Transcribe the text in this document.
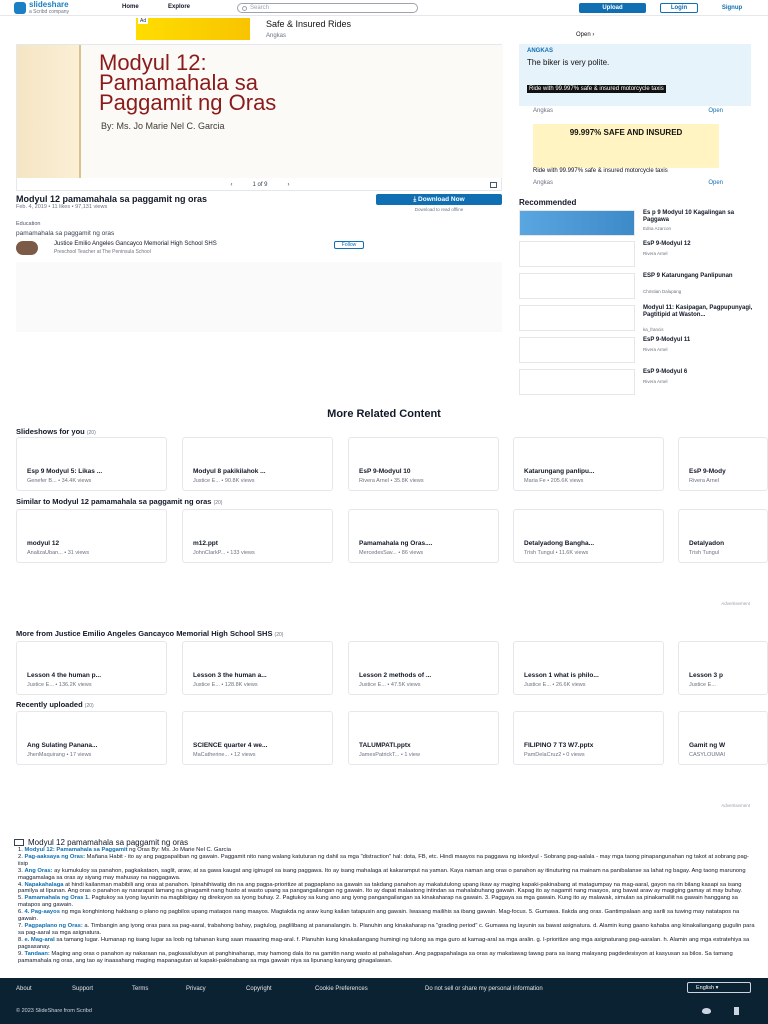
slideshare
a Scribd company
Home	Explore	Search	Upload	Login	Signup
Ad	Safe & Insured Rides
Angkas	Open ›
Modyul 12:
Pamamahala sa
Paggamit ng Oras
By: Ms. Jo Marie Nel C. Garcia
‹	1 of 9	›
Modyul 12 pamamahala sa paggamit ng oras
Feb. 4, 2019 • 11 likes • 97,131 views
⤓ Download Now
Download to read offline
Education
pamamahala sa paggamit ng oras
Justice Emilio Angeles Gancayco Memorial High School SHS
Preschool Teacher at The Peninsula School
Follow
ANGKAS
The biker is very polite.
Ride with 99.997% safe & insured motorcycle taxis
Angkas	Open
99.997% SAFE AND INSURED
Ride with 99.997% safe & insured motorcycle taxis
Angkas	Open
Recommended
Es p 9 Modyul 10 Kagalingan sa Paggawa
Edna Azarcon
EsP 9-Modyul 12
Rivera Arnel
ESP 9 Katarungang Panlipunan
Christian Dalupang
Modyul 11: Kasipagan, Pagpupunyagi, Pagtitipid at Waston...
ka_francis
EsP 9-Modyul 11
Rivera Arnel
EsP 9-Modyul 6
Rivera Arnel
More Related Content
Slideshows for you (20)
Esp 9 Modyul 5: Likas ...
Genefer B... • 34.4K views
Modyul 8 pakikilahok ...
Justice E... • 90.8K views
EsP 9-Modyul 10
Rivera Arnel • 35.8K views
Katarungang panlipu...
Maria Fe • 205.6K views
EsP 9-Mody
Rivera Arnel
Similar to Modyul 12 pamamahala sa paggamit ng oras (20)
modyul 12
AnalizaUban... • 31 views
m12.ppt
JohnClarkP... • 133 views
Pamamahala ng Oras....
MercedesSav... • 86 views
Detalyadong Bangha...
Trish Tungul • 11.6K views
Detalyadon
Trish Tungul
More from Justice Emilio Angeles Gancayco Memorial High School SHS (20)
Lesson 4 the human p...
Justice E... • 136.2K views
Lesson 3 the human a...
Justice E... • 128.8K views
Lesson 2 methods of ...
Justice E... • 47.5K views
Lesson 1 what is philo...
Justice E... • 26.6K views
Lesson 3 p
Justice E...
Recently uploaded (20)
Ang Sulating Panana...
JhenMaquirang • 17 views
SCIENCE quarter 4 we...
MaCatherine... • 12 views
TALUMPATI.pptx
JamesPatrickT... • 1 view
FILIPINO 7 T3 W7.pptx
PamDelaCruz2 • 0 views
Gamit ng W
CASYLOUMAI
Advertisement
Advertisement
Modyul 12 pamamahala sa paggamit ng oras
1. Modyul 12: Pamamahala sa Paggamit ng Oras By: Ms. Jo Marie Nel C. Garcia
2. Pag-aaksaya ng Oras: Mañana Habit - ito ay ang pagpapaliban ng gawain. Paggamit nito nang walang katuturan ng dahil sa mga "distraction" hal: dota, FB, etc. Hindi maayos na paggawa ng iskedyul - Sobrang pag-aalala - may mga taong pinapangunahan ng takot at sobrang pag-iisip
3. Ang Oras: ay kumukuloy sa panahon, pagkakataon, saglit, araw, at sa gawa kaugat ang iginugol sa isang paggawa. Ito ay isang mahalaga at kakaramput na yaman. Kaya naman ang oras o panahon ay itinuturing na mainam na panibalanse sa lahat ng bagay. Ang taong marunong maggamalaga sa oras ay siyang may mahusay na naggagawa.
4. Napakahalaga at hindi kailanman mabibili ang oras at panahon. Ipinahihiwatig din na ang pagpa-prioritize at pagpaplano sa gawain sa takdang panahon ay makatutulong upang ikaw ay maging kapaki-pakinabang at matagumpay na mag-aaral, gayon na rin bilang kasapi sa isang pamilya at lipunan. Ang oras o panahon ay nararapat lamang na ginagamit nang husto at wasto upang sa pangangailangan ng gawain. Ito ay dapat malaatong intindan sa mahalabuhang gawain. Kapag ito ay nagamit nang maayos, ang bawat araw ay magiging gamay at may buhay.
5. Pamamahala ng Oras 1. Pagtukoy sa iyong layunin na magbibigay ng direksyon sa iyong buhay. 2. Pagtukoy sa kung ano ang iyong pangangailangan sa kinakaharap na gawain. 3. Paggaya sa mga gawain. Kung ito ay malawak, simulan sa pinakamaliit na gawain hanggang sa matapos ang gawain.
6. 4. Pag-aayos ng mga konghintong hakbang o plano ng pagbilos upang mataqos nang maayos. Magtakda ng araw kung kailan tatapusin ang gawain. Iwasang mailihis sa ibang gawain. Mag-focus. 5. Gumawa. Ilakda ang oras. Gantimpalaan ang sarili sa tuwing may natatapos na gawain.
7. Pagpaplano ng Oras: a. Timbangin ang iyong oras para sa pag-aaral, trabahong bahay, pagtulog, paglilibang at pananalangin. b. Planuhin ang kinakaharap na "grading period" c. Gumawa ng layunin sa bawat asignatura. d. Alamin kung gaano kahaba ang kinakailangang gugulin para sa pag-aaral sa mga asignatura.
8. e. Mag-aral sa tamang lugar. Humanap ng isang lugar sa loob ng tahanan kung saan maaaring mag-aral. f. Planuhin kung kinakailangang humingi ng tulong sa mga guro at kamag-aral sa mga aralin. g. I-prioritize ang mga asignaturang pag-aaralan. h. Alamin ang mga estratehiya sa pagsasanay.
9. Tandaan: Maging ang oras o panahon ay nakaraan na, pagkasalubyun at panghinaharap, may hamong dala ito na gamitin nang wasto at pahalagahan. Ang pagpapahalaga sa oras ay makatawag tawag para sa isang malayang pagdedesisyon at kasyusan sa bilos. Sa tamang pamamahala ng oras, ang tao ay inaasahang maging mapanagutan at kapaki-pakinabang sa mga gawain niya sa lipunang kanyang ginagalawan.
About	Support	Terms	Privacy	Copyright	Cookie Preferences	Do not sell or share my personal information	English ▾
© 2023 SlideShare from Scribd
